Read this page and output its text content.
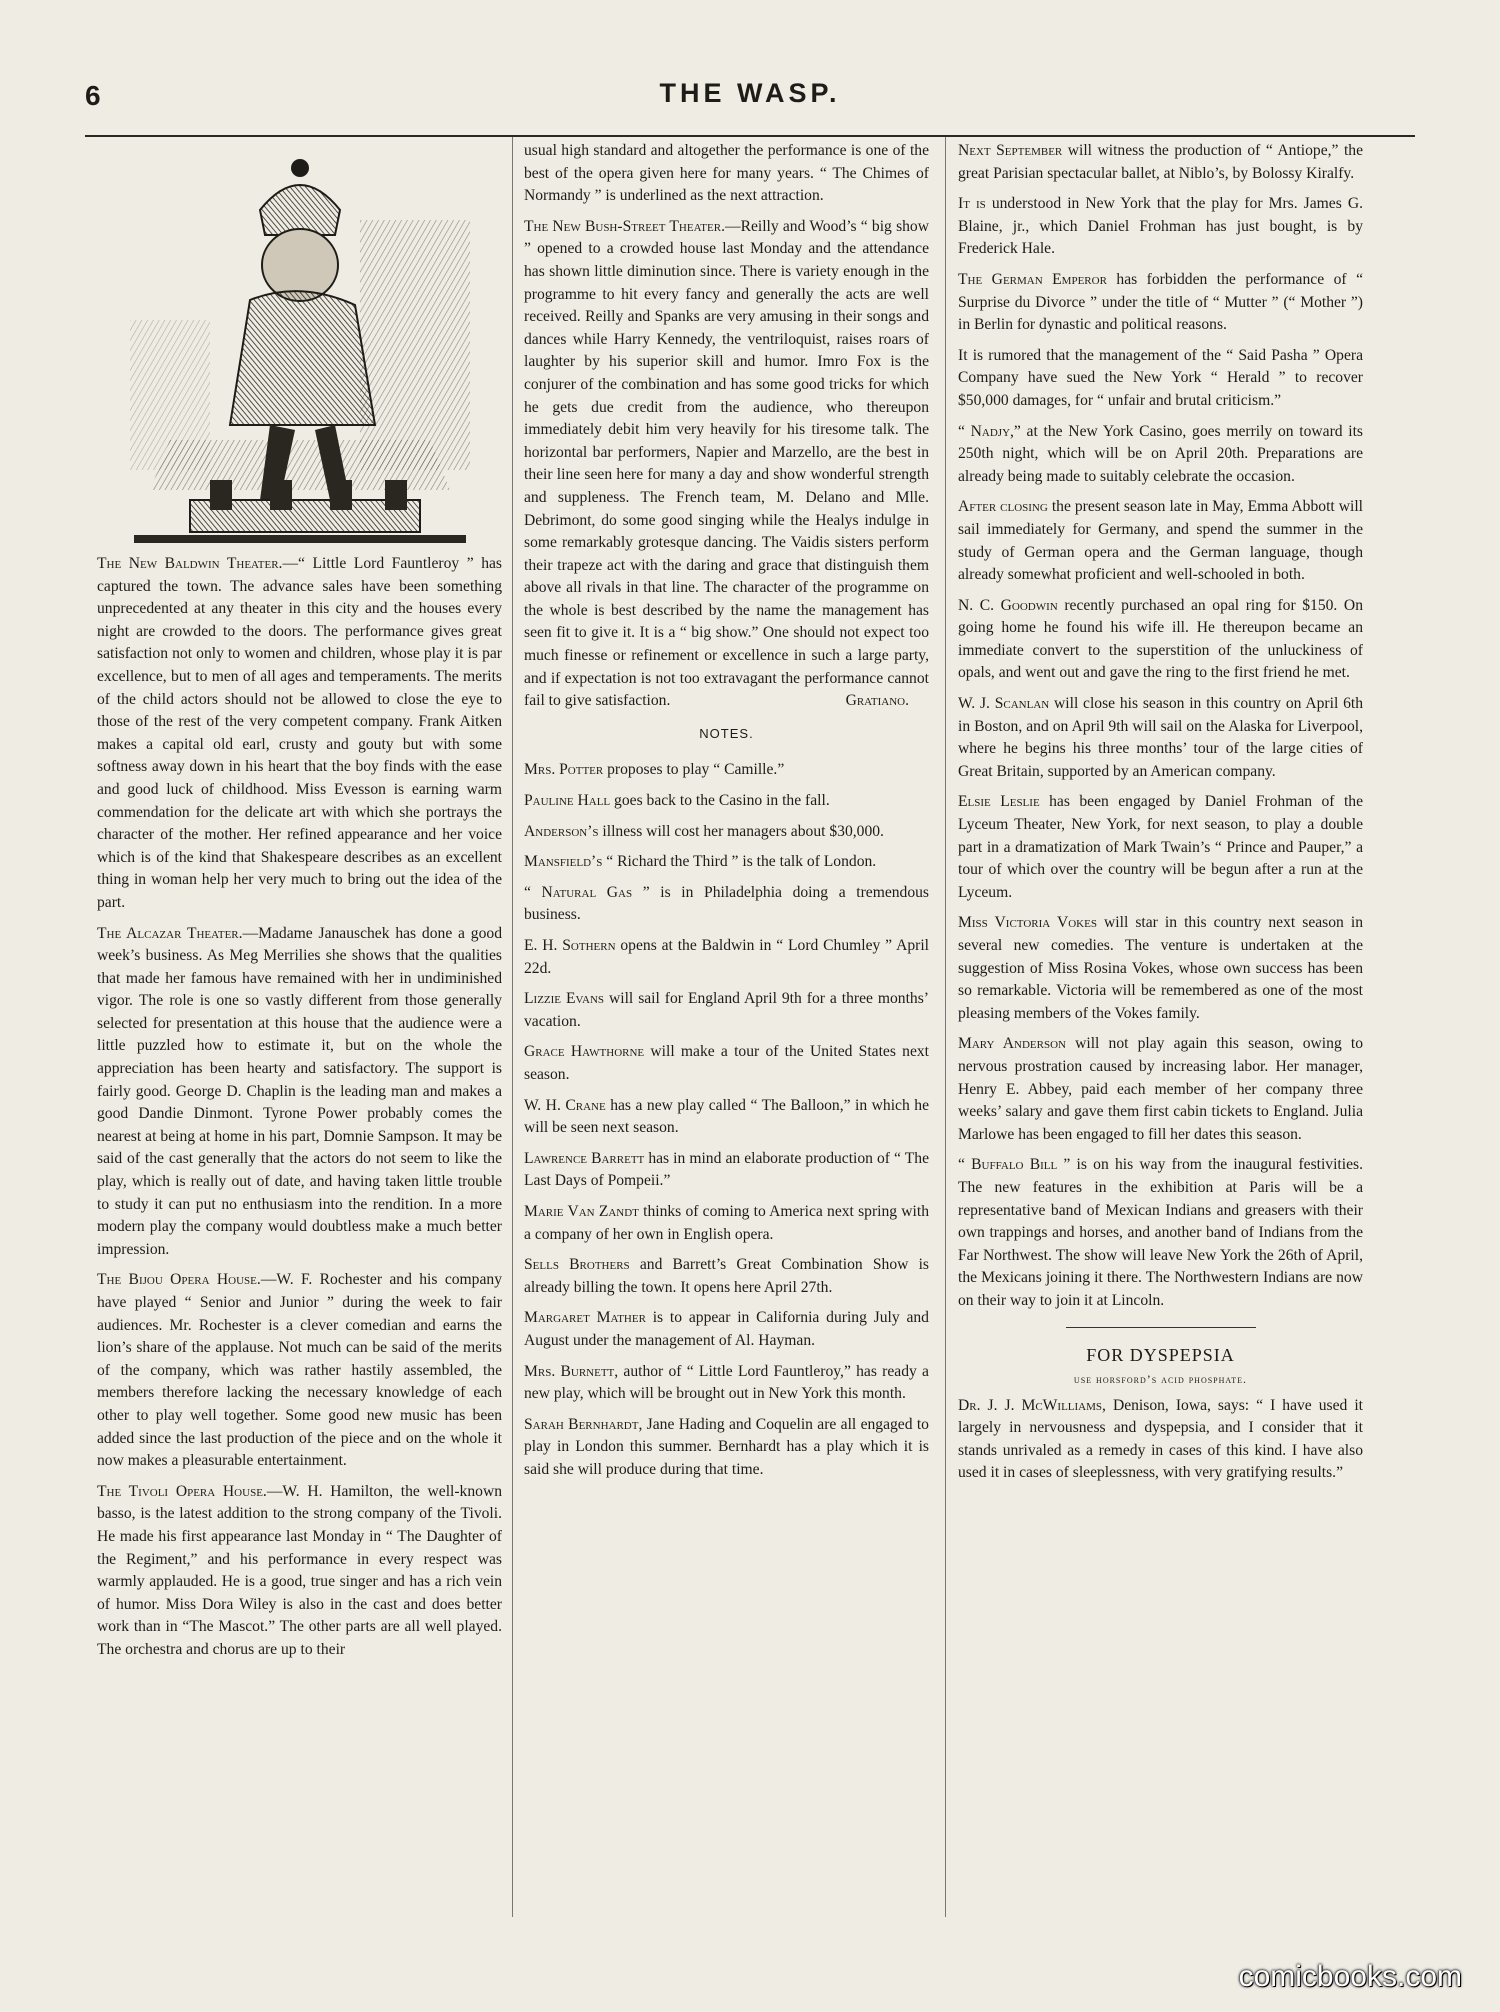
6	THE WASP.

The New Baldwin Theater.—“ Little Lord Fauntleroy ” has captured the town. The advance sales have been something unprecedented at any theater in this city and the houses every night are crowded to the doors. The performance gives great satisfaction not only to women and children, whose play it is par excellence, but to men of all ages and temperaments. The merits of the child actors should not be allowed to close the eye to those of the rest of the very competent company. Frank Aitken makes a capital old earl, crusty and gouty but with some softness away down in his heart that the boy finds with the ease and good luck of childhood. Miss Evesson is earning warm commendation for the delicate art with which she portrays the character of the mother. Her refined appearance and her voice which is of the kind that Shakespeare describes as an excellent thing in woman help her very much to bring out the idea of the part.

The Alcazar Theater.—Madame Janauschek has done a good week’s business. As Meg Merrilies she shows that the qualities that made her famous have remained with her in undiminished vigor. The role is one so vastly different from those generally selected for presentation at this house that the audience were a little puzzled how to estimate it, but on the whole the appreciation has been hearty and satisfactory. The support is fairly good. George D. Chaplin is the leading man and makes a good Dandie Dinmont. Tyrone Power probably comes the nearest at being at home in his part, Domnie Sampson. It may be said of the cast generally that the actors do not seem to like the play, which is really out of date, and having taken little trouble to study it can put no enthusiasm into the rendition. In a more modern play the company would doubtless make a much better impression.

The Bijou Opera House.—W. F. Rochester and his company have played “ Senior and Junior ” during the week to fair audiences. Mr. Rochester is a clever comedian and earns the lion’s share of the applause. Not much can be said of the merits of the company, which was rather hastily assembled, the members therefore lacking the necessary knowledge of each other to play well together. Some good new music has been added since the last production of the piece and on the whole it now makes a pleasurable entertainment.

The Tivoli Opera House.—W. H. Hamilton, the well-known basso, is the latest addition to the strong company of the Tivoli. He made his first appearance last Monday in “ The Daughter of the Regiment,” and his performance in every respect was warmly applauded. He is a good, true singer and has a rich vein of humor. Miss Dora Wiley is also in the cast and does better work than in “The Mascot.” The other parts are all well played. The orchestra and chorus are up to their

usual high standard and altogether the performance is one of the best of the opera given here for many years. “ The Chimes of Normandy ” is underlined as the next attraction.

The New Bush-Street Theater.—Reilly and Wood’s “ big show ” opened to a crowded house last Monday and the attendance has shown little diminution since. There is variety enough in the programme to hit every fancy and generally the acts are well received. Reilly and Spanks are very amusing in their songs and dances while Harry Kennedy, the ventriloquist, raises roars of laughter by his superior skill and humor. Imro Fox is the conjurer of the combination and has some good tricks for which he gets due credit from the audience, who thereupon immediately debit him very heavily for his tiresome talk. The horizontal bar performers, Napier and Marzello, are the best in their line seen here for many a day and show wonderful strength and suppleness. The French team, M. Delano and Mlle. Debrimont, do some good singing while the Healys indulge in some remarkably grotesque dancing. The Vaidis sisters perform their trapeze act with the daring and grace that distinguish them above all rivals in that line. The character of the programme on the whole is best described by the name the management has seen fit to give it. It is a “ big show.” One should not expect too much finesse or refinement or excellence in such a large party, and if expectation is not too extravagant the performance cannot fail to give satisfaction.	Gratiano.

NOTES.

Mrs. Potter proposes to play “ Camille.”

Pauline Hall goes back to the Casino in the fall.

Anderson’s illness will cost her managers about $30,000.

Mansfield’s “ Richard the Third ” is the talk of London.

“ Natural Gas ” is in Philadelphia doing a tremendous business.

E. H. Sothern opens at the Baldwin in “ Lord Chumley ” April 22d.

Lizzie Evans will sail for England April 9th for a three months’ vacation.

Grace Hawthorne will make a tour of the United States next season.

W. H. Crane has a new play called “ The Balloon,” in which he will be seen next season.

Lawrence Barrett has in mind an elaborate production of “ The Last Days of Pompeii.”

Marie Van Zandt thinks of coming to America next spring with a company of her own in English opera.

Sells Brothers and Barrett’s Great Combination Show is already billing the town. It opens here April 27th.

Margaret Mather is to appear in California during July and August under the management of Al. Hayman.

Mrs. Burnett, author of “ Little Lord Fauntleroy,” has ready a new play, which will be brought out in New York this month.

Sarah Bernhardt, Jane Hading and Coquelin are all engaged to play in London this summer. Bernhardt has a play which it is said she will produce during that time.

Next September will witness the production of “ Antiope,” the great Parisian spectacular ballet, at Niblo’s, by Bolossy Kiralfy.

It is understood in New York that the play for Mrs. James G. Blaine, jr., which Daniel Frohman has just bought, is by Frederick Hale.

The German Emperor has forbidden the performance of “ Surprise du Divorce ” under the title of “ Mutter ” (“ Mother ”) in Berlin for dynastic and political reasons.

It is rumored that the management of the “ Said Pasha ” Opera Company have sued the New York “ Herald ” to recover $50,000 damages, for “ unfair and brutal criticism.”

“ Nadjy,” at the New York Casino, goes merrily on toward its 250th night, which will be on April 20th. Preparations are already being made to suitably celebrate the occasion.

After closing the present season late in May, Emma Abbott will sail immediately for Germany, and spend the summer in the study of German opera and the German language, though already somewhat proficient and well-schooled in both.

N. C. Goodwin recently purchased an opal ring for $150. On going home he found his wife ill. He thereupon became an immediate convert to the superstition of the unluckiness of opals, and went out and gave the ring to the first friend he met.

W. J. Scanlan will close his season in this country on April 6th in Boston, and on April 9th will sail on the Alaska for Liverpool, where he begins his three months’ tour of the large cities of Great Britain, supported by an American company.

Elsie Leslie has been engaged by Daniel Frohman of the Lyceum Theater, New York, for next season, to play a double part in a dramatization of Mark Twain’s “ Prince and Pauper,” a tour of which over the country will be begun after a run at the Lyceum.

Miss Victoria Vokes will star in this country next season in several new comedies. The venture is undertaken at the suggestion of Miss Rosina Vokes, whose own success has been so remarkable. Victoria will be remembered as one of the most pleasing members of the Vokes family.

Mary Anderson will not play again this season, owing to nervous prostration caused by increasing labor. Her manager, Henry E. Abbey, paid each member of her company three weeks’ salary and gave them first cabin tickets to England. Julia Marlowe has been engaged to fill her dates this season.

“ Buffalo Bill ” is on his way from the inaugural festivities. The new features in the exhibition at Paris will be a representative band of Mexican Indians and greasers with their own trappings and horses, and another band of Indians from the Far Northwest. The show will leave New York the 26th of April, the Mexicans joining it there. The Northwestern Indians are now on their way to join it at Lincoln.

FOR DYSPEPSIA
use horsford’s acid phosphate.

Dr. J. J. McWilliams, Denison, Iowa, says: “ I have used it largely in nervousness and dyspepsia, and I consider that it stands unrivaled as a remedy in cases of this kind. I have also used it in cases of sleeplessness, with very gratifying results.”

comicbooks.com
